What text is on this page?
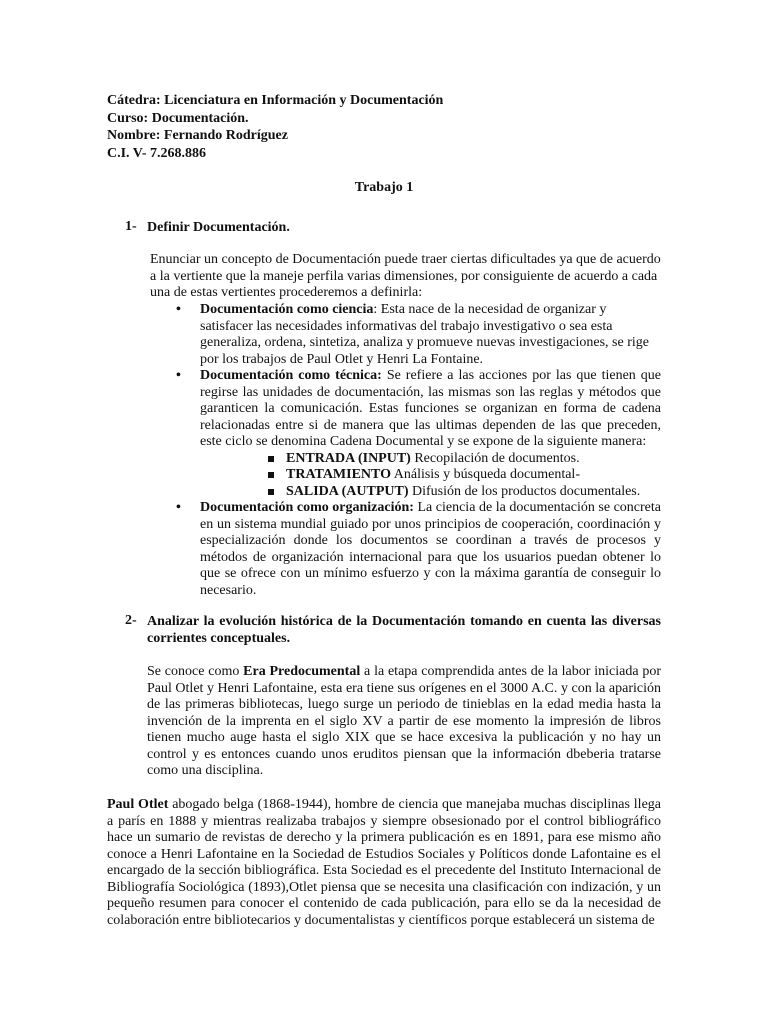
Cátedra: Licenciatura en Información y Documentación
Curso: Documentación.
Nombre: Fernando Rodríguez
C.I. V- 7.268.886
Trabajo 1
1- Definir Documentación.
Enunciar un concepto de Documentación puede traer ciertas dificultades ya que de acuerdo a la vertiente que la maneje perfila varias dimensiones, por consiguiente de acuerdo a cada una de estas vertientes procederemos a definirla:
• Documentación como ciencia: Esta nace de la necesidad de organizar y satisfacer las necesidades informativas del trabajo investigativo o sea esta generaliza, ordena, sintetiza, analiza y promueve nuevas investigaciones, se rige por los trabajos de Paul Otlet y Henri La Fontaine.
• Documentación como técnica: Se refiere a las acciones por las que tienen que regirse las unidades de documentación, las mismas son las reglas y métodos que garanticen la comunicación. Estas funciones se organizan en forma de cadena relacionadas entre si de manera que las ultimas dependen de las que preceden, este ciclo se denomina Cadena Documental y se expone de la siguiente manera:
ENTRADA (INPUT) Recopilación de documentos.
TRATAMIENTO Análisis y búsqueda documental-
SALIDA (AUTPUT) Difusión de los productos documentales.
• Documentación como organización: La ciencia de la documentación se concreta en un sistema mundial guiado por unos principios de cooperación, coordinación y especialización donde los documentos se coordinan a través de procesos y métodos de organización internacional para que los usuarios puedan obtener lo que se ofrece con un mínimo esfuerzo y con la máxima garantía de conseguir lo necesario.
2- Analizar la evolución histórica de la Documentación tomando en cuenta las diversas corrientes conceptuales.
Se conoce como Era Predocumental a la etapa comprendida antes de la labor iniciada por Paul Otlet y Henri Lafontaine, esta era tiene sus orígenes en el 3000 A.C. y con la aparición de las primeras bibliotecas, luego surge un periodo de tinieblas en la edad media hasta la invención de la imprenta en el siglo XV a partir de ese momento la impresión de libros tienen mucho auge hasta el siglo XIX que se hace excesiva la publicación y no hay un control y es entonces cuando unos eruditos piensan que la información dbeberia tratarse como una disciplina.
Paul Otlet abogado belga (1868-1944), hombre de ciencia que manejaba muchas disciplinas llega a parís en 1888 y mientras realizaba trabajos y siempre obsesionado por el control bibliográfico hace un sumario de revistas de derecho y la primera publicación es en 1891, para ese mismo año conoce a Henri Lafontaine en la Sociedad de Estudios Sociales y Políticos donde Lafontaine es el encargado de la sección bibliográfica. Esta Sociedad es el precedente del Instituto Internacional de Bibliografía Sociológica (1893),Otlet piensa que se necesita una clasificación con indización, y un pequeño resumen para conocer el contenido de cada publicación, para ello se da la necesidad de colaboración entre bibliotecarios y documentalistas y científicos porque establecerá un sistema de
